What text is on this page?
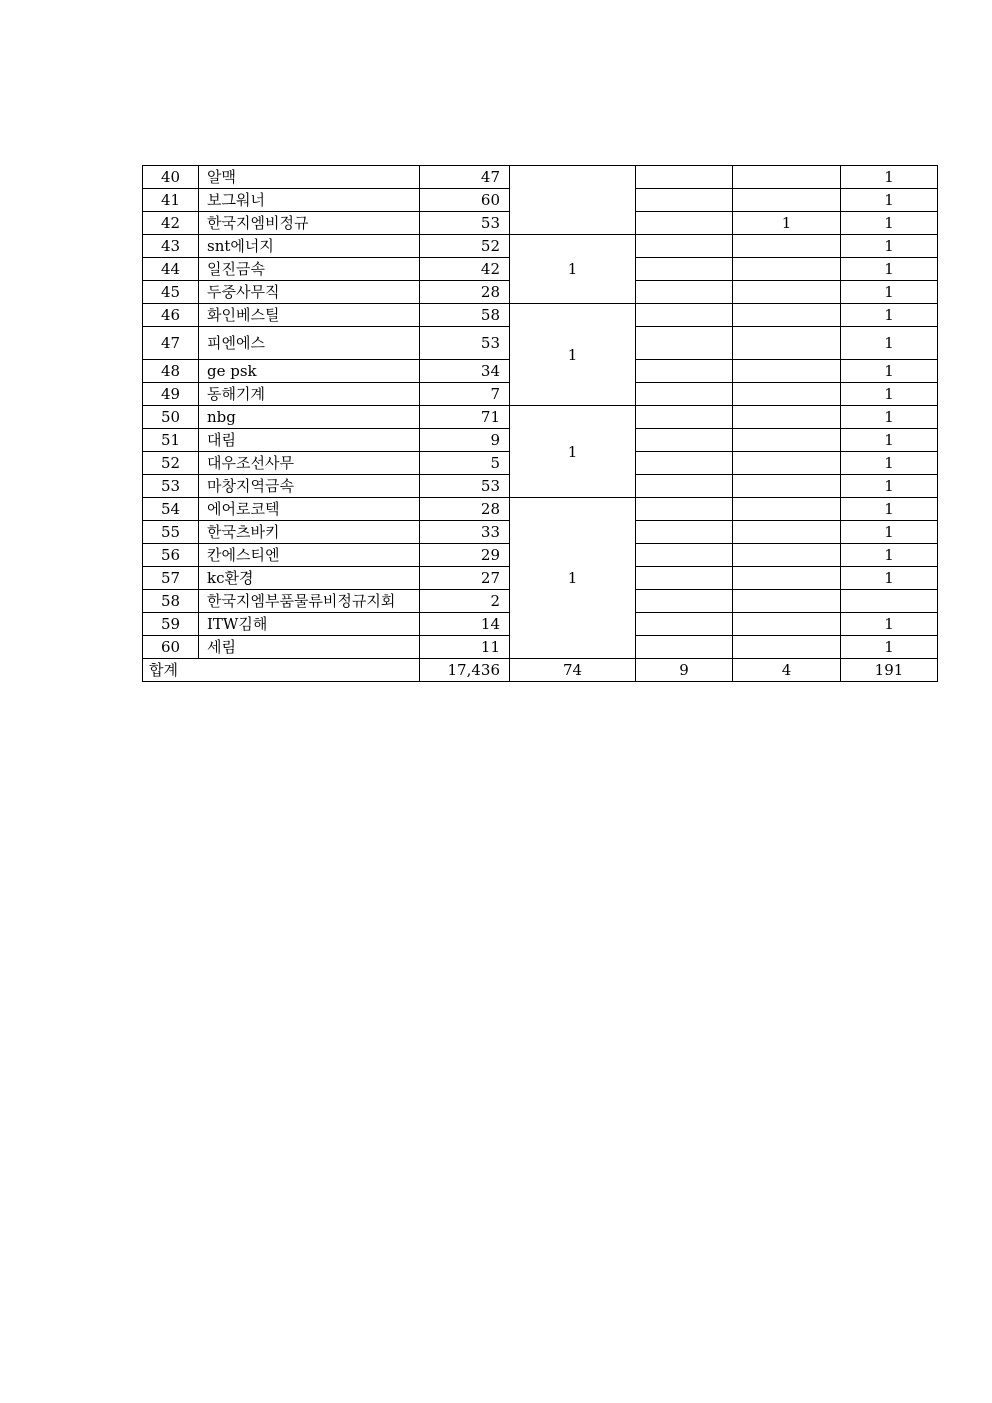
40	알맥	47				1
41	보그워너	60				1
42	한국지엠비정규	53			1	1
43	snt에너지	52	1			1
44	일진금속	42				1
45	두중사무직	28				1
46	화인베스틸	58	1			1
47	피엔에스	53				1
48	ge psk	34				1
49	동해기계	7				1
50	nbg	71	1			1
51	대림	9				1
52	대우조선사무	5				1
53	마창지역금속	53				1
54	에어로코텍	28	1			1
55	한국츠바키	33				1
56	칸에스티엔	29				1
57	kc환경	27				1
58	한국지엠부품물류비정규지회	2				
59	ITW김해	14				1
60	세림	11				1
합계		17,436	74	9	4	191
